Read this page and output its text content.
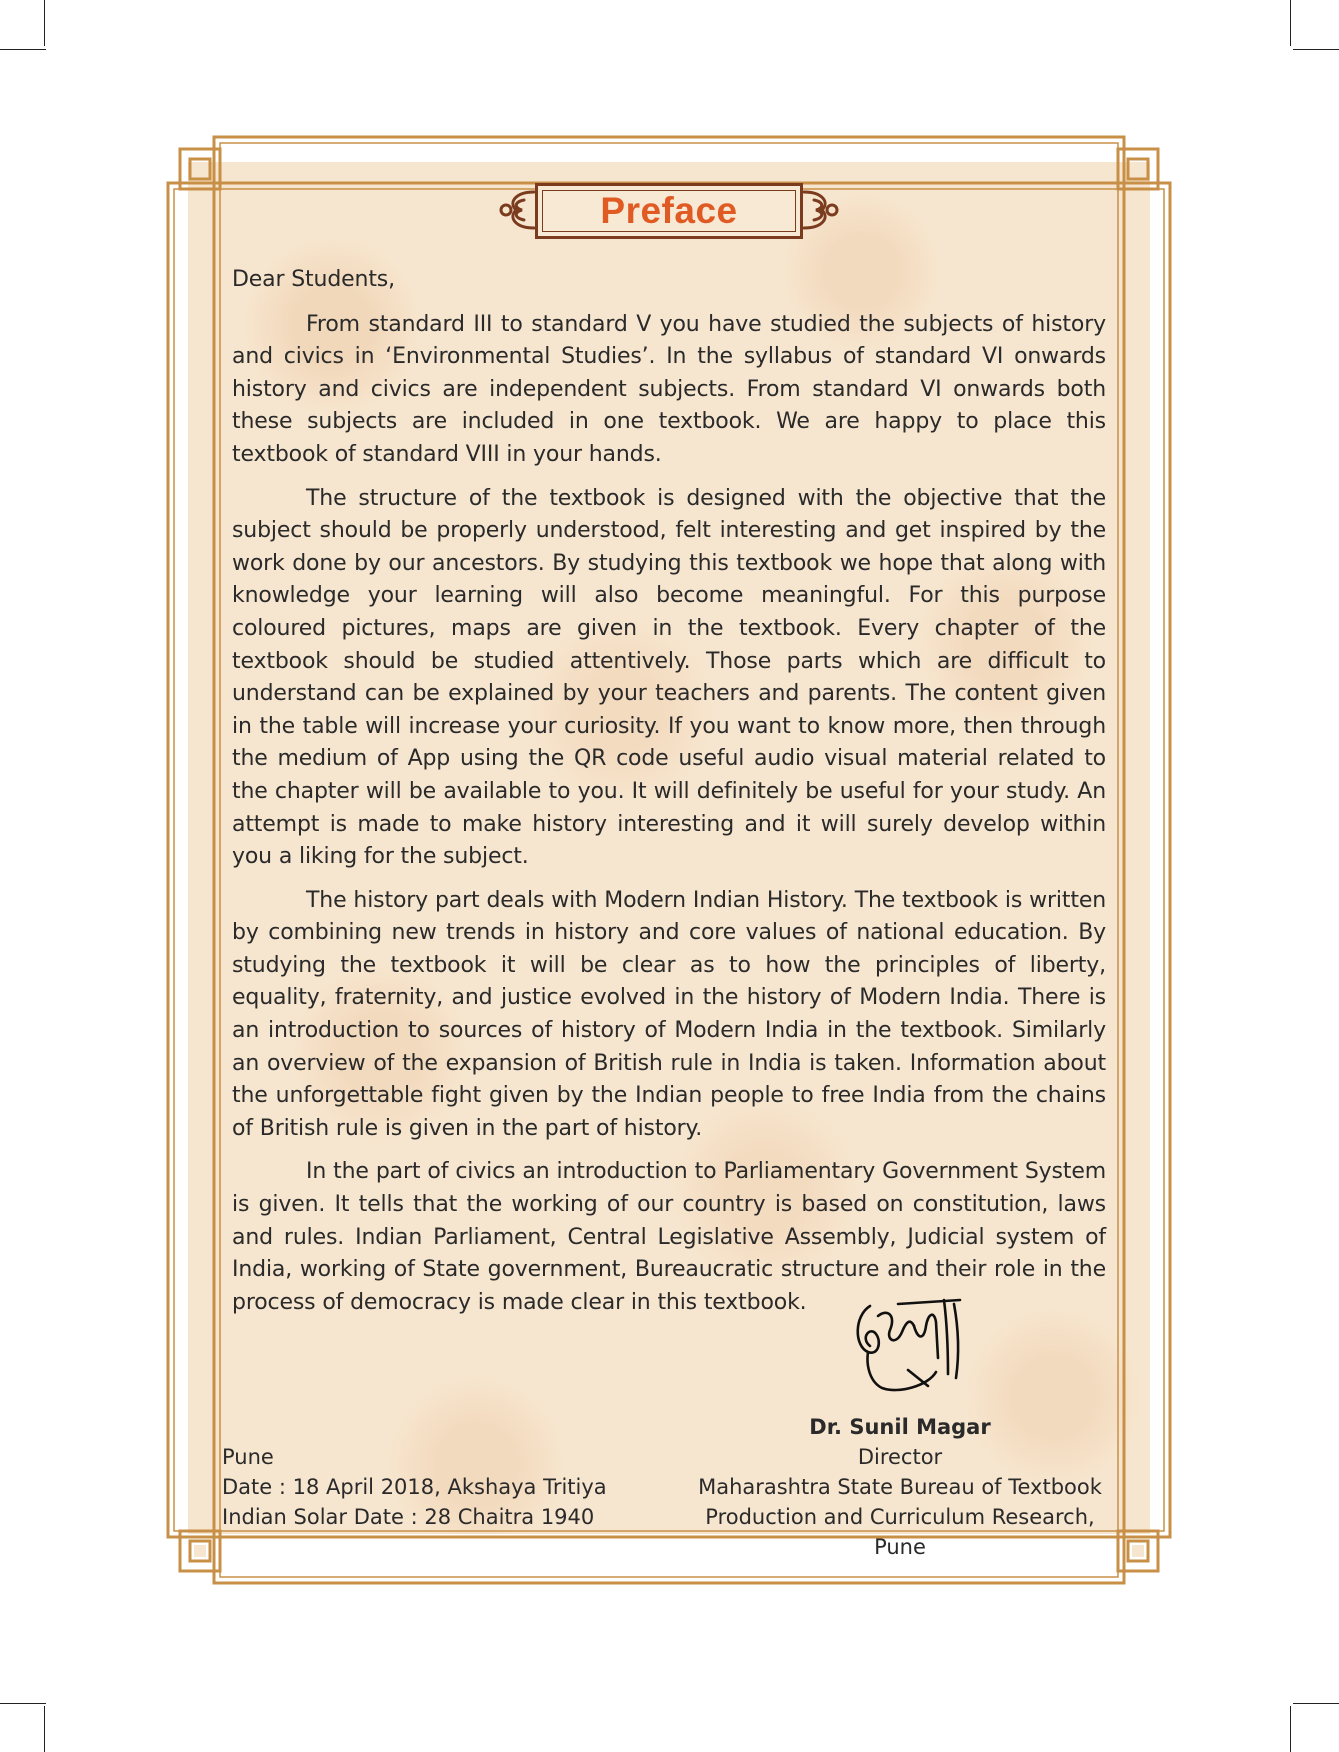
Preface

Dear Students,

From standard III to standard V you have studied the subjects of history and civics in ‘Environmental Studies’. In the syllabus of standard VI onwards history and civics are independent subjects. From standard VI onwards both these subjects are included in one textbook. We are happy to place this textbook of standard VIII in your hands.

The structure of the textbook is designed with the objective that the subject should be properly understood, felt interesting and get inspired by the work done by our ancestors. By studying this textbook we hope that along with knowledge your learning will also become meaningful. For this purpose coloured pictures, maps are given in the textbook. Every chapter of the textbook should be studied attentively. Those parts which are difficult to understand can be explained by your teachers and parents. The content given in the table will increase your curiosity. If you want to know more, then through the medium of App using the QR code useful audio visual material related to the chapter will be available to you. It will definitely be useful for your study. An attempt is made to make history interesting and it will surely develop within you a liking for the subject.

The history part deals with Modern Indian History. The textbook is written by combining new trends in history and core values of national education. By studying the textbook it will be clear as to how the principles of liberty, equality, fraternity, and justice evolved in the history of Modern India. There is an introduction to sources of history of Modern India in the textbook. Similarly an overview of the expansion of British rule in India is taken. Information about the unforgettable fight given by the Indian people to free India from the chains of British rule is given in the part of history.

In the part of civics an introduction to Parliamentary Government System is given. It tells that the working of our country is based on constitution, laws and rules. Indian Parliament, Central Legislative Assembly, Judicial system of India, working of State government, Bureaucratic structure and their role in the process of democracy is made clear in this textbook.

Dr. Sunil Magar
Director
Maharashtra State Bureau of Textbook
Production and Curriculum Research, Pune
Pune
Date : 18 April 2018, Akshaya Tritiya
Indian Solar Date : 28 Chaitra 1940
